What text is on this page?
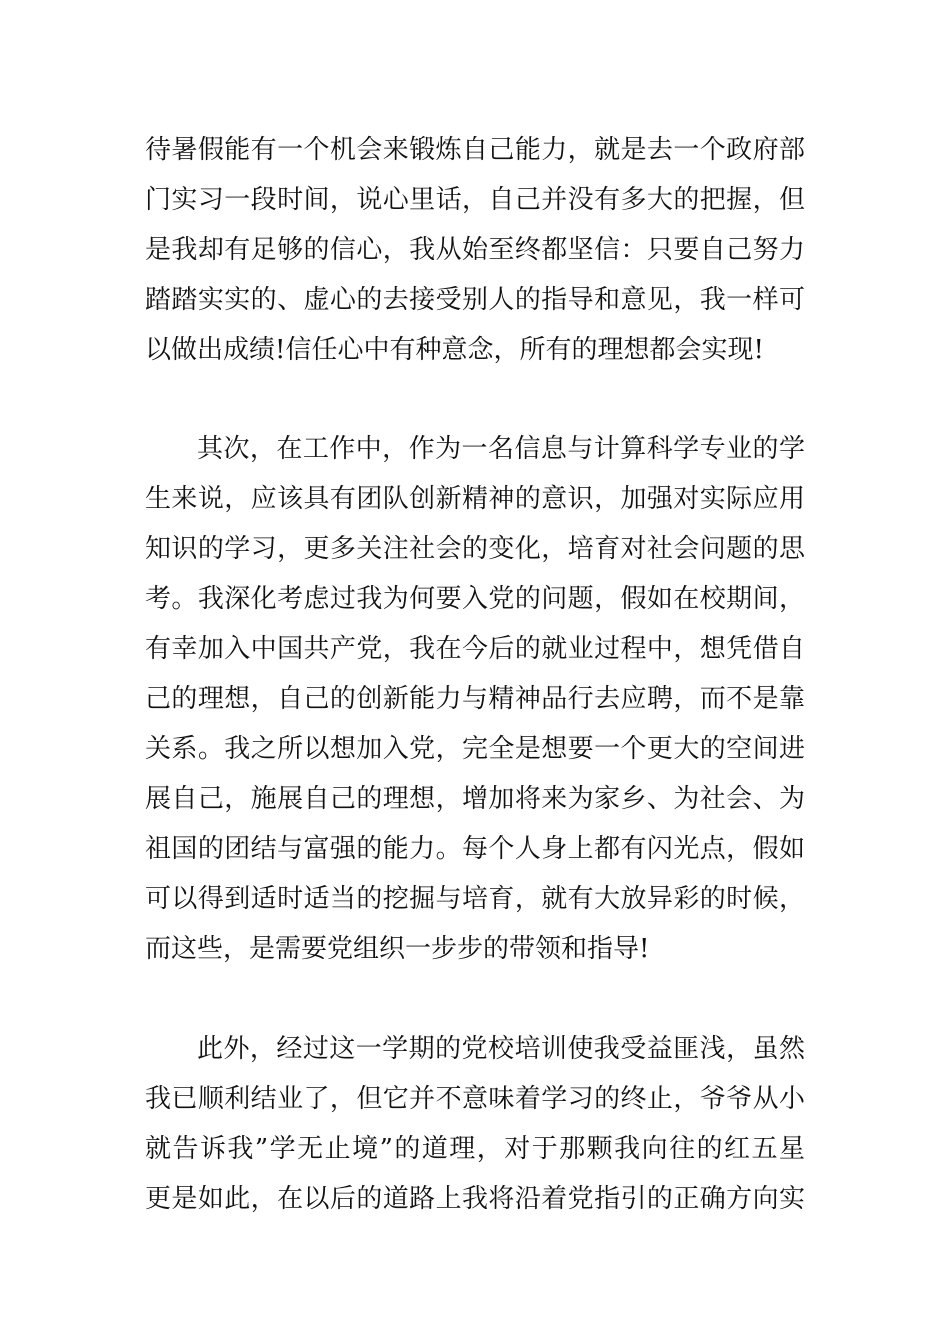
待暑假能有一个机会来锻炼自己能力，就是去一个政府部
门实习一段时间，说心里话，自己并没有多大的把握，但
是我却有足够的信心，我从始至终都坚信：只要自己努力
踏踏实实的、虚心的去接受别人的指导和意见，我一样可
以做出成绩!信任心中有种意念，所有的理想都会实现!
其次，在工作中，作为一名信息与计算科学专业的学
生来说，应该具有团队创新精神的意识，加强对实际应用
知识的学习，更多关注社会的变化，培育对社会问题的思
考。我深化考虑过我为何要入党的问题，假如在校期间，
有幸加入中国共产党，我在今后的就业过程中，想凭借自
己的理想，自己的创新能力与精神品行去应聘，而不是靠
关系。我之所以想加入党，完全是想要一个更大的空间进
展自己，施展自己的理想，增加将来为家乡、为社会、为
祖国的团结与富强的能力。每个人身上都有闪光点，假如
可以得到适时适当的挖掘与培育，就有大放异彩的时候，
而这些，是需要党组织一步步的带领和指导!
此外，经过这一学期的党校培训使我受益匪浅，虽然
我已顺利结业了，但它并不意味着学习的终止，爷爷从小
就告诉我”学无止境”的道理，对于那颗我向往的红五星
更是如此，在以后的道路上我将沿着党指引的正确方向实
